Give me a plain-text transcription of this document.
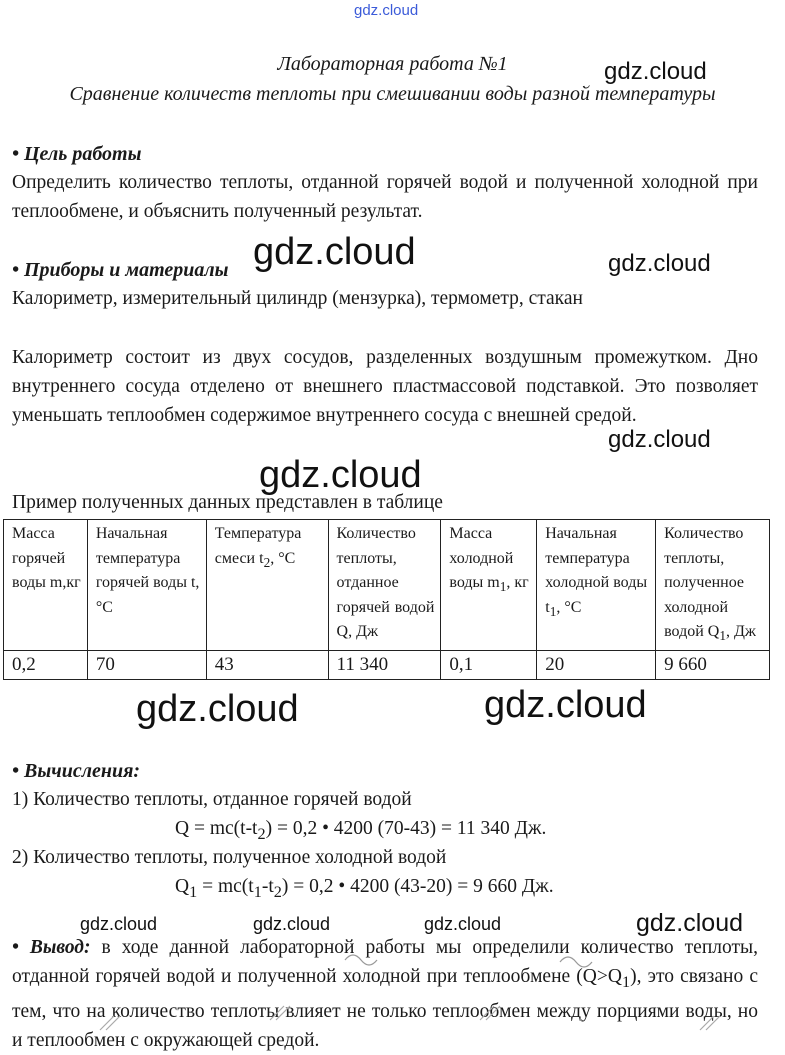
gdz.cloud
Лабораторная работа №1
Сравнение количеств теплоты при смешивании воды разной температуры
• Цель работы
Определить количество теплоты, отданной горячей водой и полученной холодной при теплообмене, и объяснить полученный результат.
• Приборы и материалы
Калориметр, измерительный цилиндр (мензурка), термометр, стакан
Калориметр состоит из двух сосудов, разделенных воздушным промежутком. Дно внутреннего сосуда отделено от внешнего пластмассовой подставкой. Это позволяет уменьшать теплообмен содержимое внутреннего сосуда с внешней средой.
Пример полученных данных представлен в таблице
Масса горячей воды m,кг	Начальная температура горячей воды t, °C	Температура смеси $t_2$, °C	Количество теплоты, отданное горячей водой Q, Дж	Масса холодной воды $m_1$, кг	Начальная температура холодной воды $t_1$, °C	Количество теплоты, полученное холодной водой $Q_1$, Дж
0,2	70	43	11 340	0,1	20	9 660
• Вычисления:
1) Количество теплоты, отданное горячей водой
$Q = mc(t-t_2) = 0,2$ • 4200 (70-43) = 11 340 Дж.
2) Количество теплоты, полученное холодной водой
$Q_1 = mc(t_1-t_2) = 0,2$ • 4200 (43-20) = 9 660 Дж.
• Вывод: в ходе данной лабораторной работы мы определили количество теплоты, отданной горячей водой и полученной холодной при теплообмене $(Q>Q_1)$, это связано с тем, что на количество теплоты влияет не только теплообмен между порциями воды, но и теплообмен с окружающей средой.
gdz.cloud
gdz.cloud	gdz.cloud
gdz.cloud
gdz.cloud
gdz.cloud	gdz.cloud
gdz.cloud	gdz.cloud	gdz.cloud	gdz.cloud
